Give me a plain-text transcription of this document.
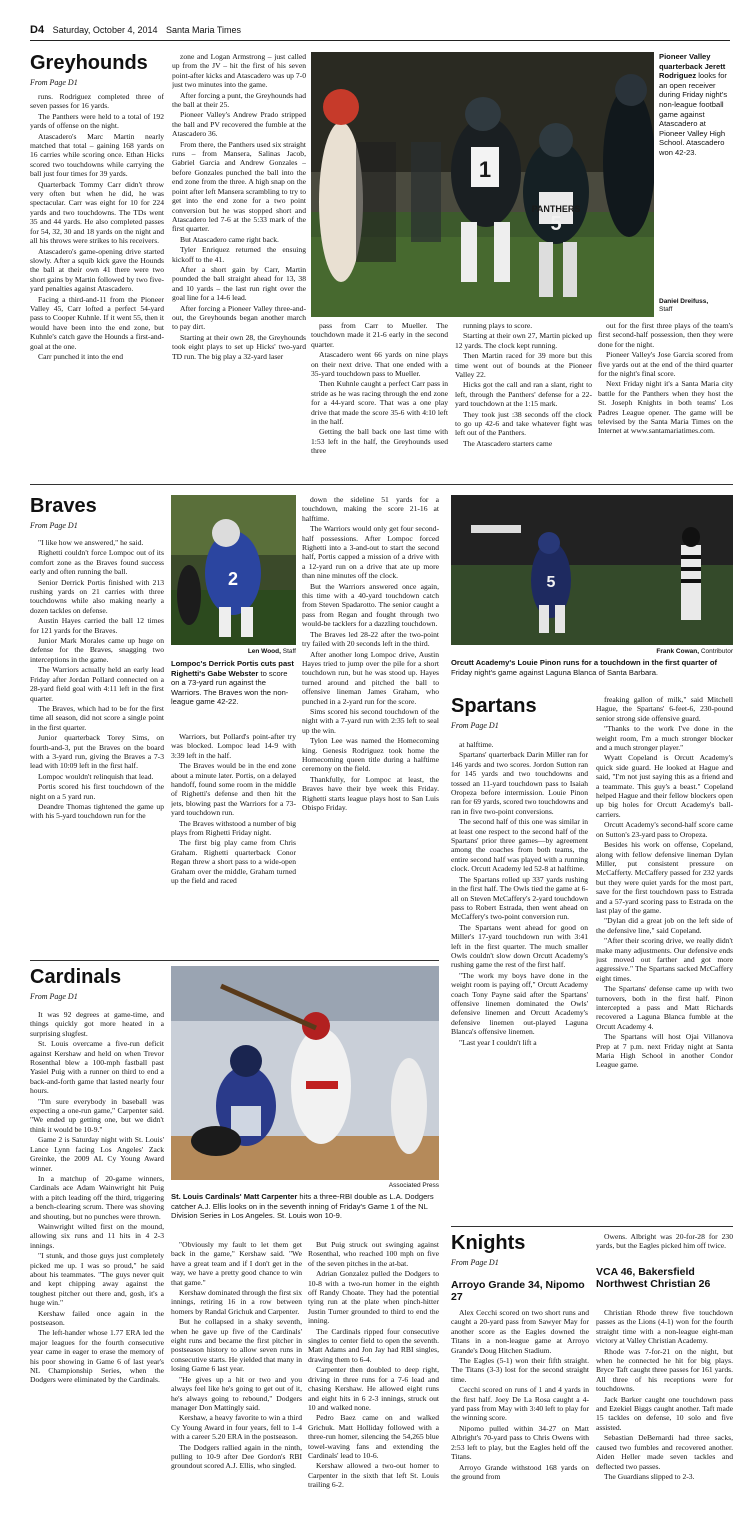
D4 Saturday, October 4, 2014 Santa Maria Times
Greyhounds
From Page D1

runs. Rodriguez completed three of seven passes for 16 yards.

The Panthers were held to a total of 192 yards of offense on the night.

Atascadero's Marc Martin nearly matched that total – gaining 168 yards on 16 carries while scoring once. Ethan Hicks scored two touchdowns while carrying the ball just four times for 39 yards.

Quarterback Tommy Carr didn't throw very often but when he did, he was spectacular. Carr was eight for 10 for 224 yards and two touchdowns. The TDs went 35 and 44 yards. He also completed passes for 54, 32, 30 and 18 yards on the night and all his throws were strikes to his receivers.

Atascadero's game-opening drive started slowly. After a squib kick gave the Hounds the ball at their own 41 there were two short gains by Martin followed by two five-yard penalties against Atascadero.

Facing a third-and-11 from the Pioneer Valley 45, Carr lofted a perfect 54-yard pass to Cooper Kuhnle. If it went 55, then it would have been into the end zone, but Kuhnle's catch gave the Hounds a first-and-goal at the one.

Carr punched it into the end

zone and Logan Armstrong – just called up from the JV – hit the first of his seven point-after kicks and Atascadero was up 7-0 just two minutes into the game.

After forcing a punt, the Greyhounds had the ball at their 25.

Pioneer Valley's Andrew Prado stripped the ball and PV recovered the fumble at the Atascadero 36.

From there, the Panthers used six straight runs – from Mansera, Salinas Jacob, Gabriel Garcia and Andrew Gonzales – before Gonzales punched the ball into the end zone from the three. A high snap on the point after left Mansera scrambling to try to get into the end zone for a two point conversion but he was stopped short and Atascadero led 7-6 at the 5:33 mark of the first quarter.

But Atascadero came right back.

Tyler Enriquez returned the ensuing kickoff to the 41.

After a short gain by Carr, Martin pounded the ball straight ahead for 13, 38 and 10 yards – the last run right over the goal line for a 14-6 lead.

After forcing a Pioneer Valley three-and-out, the Greyhounds began another march to pay dirt.

Starting at their own 28, the Greyhounds took eight plays to set up Hicks' two-yard TD run. The big play a 32-yard laser

1
PANTHERS
5
Pioneer Valley quarterback Jerett Rodriguez looks for an open receiver during Friday night's non-league football game against Atascadero at Pioneer Valley High School. Atascadero won 42-23.
Daniel Dreifuss,
Staff

pass from Carr to Mueller. The touchdown made it 21-6 early in the second quarter.

Atascadero went 66 yards on nine plays on their next drive. That one ended with a 35-yard touchdown pass to Mueller.

Then Kuhnle caught a perfect Carr pass in stride as he was racing through the end zone for a 44-yard score. That was a one play drive that made the score 35-6 with 4:10 left in the half.

Getting the ball back one last time with 1:53 left in the half, the Greyhounds used three

running plays to score.

Starting at their own 27, Martin picked up 12 yards. The clock kept running.

Then Martin raced for 39 more but this time went out of bounds at the Pioneer Valley 22.

Hicks got the call and ran a slant, right to left, through the Panthers' defense for a 22-yard touchdown at the 1:15 mark.

They took just :38 seconds off the clock to go up 42-6 and take whatever fight was left out of the Panthers.

The Atascadero starters came

out for the first three plays of the team's first second-half possession, then they were done for the night.

Pioneer Valley's Jose Garcia scored from five yards out at the end of the third quarter for the night's final score.

Next Friday night it's a Santa Maria city battle for the Panthers when they host the St. Joseph Knights in both teams' Los Padres League opener. The game will be televised by the Santa Maria Times on the Internet at www.santamariatimes.com.

Braves
From Page D1

"I like how we answered," he said.

Righetti couldn't force Lompoc out of its comfort zone as the Braves found success early and often running the ball.

Senior Derrick Portis finished with 213 rushing yards on 21 carries with three touchdowns while also making nearly a dozen tackles on defense.

Austin Hayes carried the ball 12 times for 121 yards for the Braves.

Junior Mark Morales came up huge on defense for the Braves, snagging two interceptions in the game.

The Warriors actually held an early lead Friday after Jordan Pollard connected on a 28-yard field goal with 4:11 left in the first quarter.

The Braves, which had to be for the first time all season, did not score a single point in the first quarter.

Junior quarterback Torey Sims, on fourth-and-3, put the Braves on the board with a 3-yard run, giving the Braves a 7-3 lead with 10:09 left in the first half.

Lompoc wouldn't relinquish that lead.

Portis scored his first touchdown of the night on a 5 yard run.

Deandre Thomas tightened the game up with his 5-yard touchdown run for the

2
Len Wood, Staff
Lompoc's Derrick Portis cuts past Righetti's Gabe Webster to score on a 73-yard run against the Warriors. The Braves won the non-league game 42-22.

Warriors, but Pollard's point-after try was blocked. Lompoc lead 14-9 with 3:39 left in the half.

The Braves would be in the end zone about a minute later. Portis, on a delayed handoff, found some room in the middle of Righetti's defense and then hit the jets, blowing past the Warriors for a 73-yard touchdown run.

The Braves withstood a number of big plays from Righetti Friday night.

The first big play came from Chris Graham. Righetti quarterback Conor Regan threw a short pass to a wide-open Graham over the middle, Graham turned up the field and raced

down the sideline 51 yards for a touchdown, making the score 21-16 at halftime.

The Warriors would only get four second-half possessions. After Lompoc forced Righetti into a 3-and-out to start the second half, Portis capped a mission of a drive with a 12-yard run on a drive that ate up more than nine minutes off the clock.

But the Warriors answered once again, this time with a 40-yard touchdown catch from Steven Spadarotto. The senior caught a pass from Regan and fought through two would-be tacklers for a dazzling touchdown.

The Braves led 28-22 after the two-point try failed with 20 seconds left in the third.

After another long Lompoc drive, Austin Hayes tried to jump over the pile for a short touchdown run, but he was stood up. Hayes turned around and pitched the ball to offensive lineman James Graham, who punched in a 2-yard run for the score.

Sims scored his second touchdown of the night with a 7-yard run with 2:35 left to seal up the win.

Tylon Lee was named the Homecoming king. Genesis Rodriguez took home the Homecoming queen title during a halftime ceremony on the field.

Thankfully, for Lompoc at least, the Braves have their bye week this Friday. Righetti starts league plays host to San Luis Obispo Friday.

5
Frank Cowan, Contributor
Orcutt Academy's Louie Pinon runs for a touchdown in the first quarter of Friday night's game against Laguna Blanca of Santa Barbara.
Spartans
From Page D1

at halftime.

Spartans' quarterback Darin Miller ran for 146 yards and two scores. Jordon Sutton ran for 145 yards and two touchdowns and tossed an 11-yard touchdown pass to Isaiah Oropeza before intermission. Louie Pinon ran for 69 yards, scored two touchdowns and ran in five two-point conversions.

The second half of this one was similar in at least one respect to the second half of the Spartans' prior three games—by agreement among the coaches from both teams, the entire second half was played with a running clock. Orcutt Academy led 52-8 at halftime.

The Spartans rolled up 337 yards rushing in the first half. The Owls tied the game at 6-all on Steven McCaffery's 2-yard touchdown pass to Robert Estrada, then went ahead on McCaffery's two-point conversion run.

The Spartans went ahead for good on Miller's 17-yard touchdown run with 3:41 left in the first quarter. The much smaller Owls couldn't slow down Orcutt Academy's rushing game the rest of the first half.

"The work my boys have done in the weight room is paying off," Orcutt Academy coach Tony Payne said after the Spartans' offensive linemen dominated the Owls' defensive linemen and Orcutt Academy's defensive linemen out-played Laguna Blanca's offensive linemen.

"Last year I couldn't lift a

freaking gallon of milk," said Mitchell Hague, the Spartans' 6-feet-6, 230-pound senior strong side offensive guard.

"Thanks to the work I've done in the weight room, I'm a much stronger blocker and a much stronger player."

Wyatt Copeland is Orcutt Academy's quick side guard. He looked at Hague and said, "I'm not just saying this as a friend and a teammate. This guy's a beast." Copeland helped Hague and their fellow blockers open up big holes for Orcutt Academy's ball-carriers.

Orcutt Academy's second-half score came on Sutton's 23-yard pass to Oropeza.

Besides his work on offense, Copeland, along with fellow defensive lineman Dylan Miller, put consistent pressure on McCafferty. McCaffery passed for 232 yards but they were quiet yards for the most part, save for the first touchdown pass to Estrada and a 57-yard scoring pass to Estrada on the last play of the game.

"Dylan did a great job on the left side of the defensive line," said Copeland.

"After their scoring drive, we really didn't make many adjustments. Our defensive ends just moved out farther and got more aggressive." The Spartans sacked McCaffery eight times.

The Spartans' defense came up with two turnovers, both in the first half. Pinon intercepted a pass and Matt Richards recovered a Laguna Blanca fumble at the Orcutt Academy 4.

The Spartans will host Ojai Villanova Prep at 7 p.m. next Friday night at Santa Maria High School in another Condor League game.

Cardinals
From Page D1

It was 92 degrees at game-time, and things quickly got more heated in a surprising slugfest.

St. Louis overcame a five-run deficit against Kershaw and held on when Trevor Rosenthal blew a 100-mph fastball past Yasiel Puig with a runner on third to end a back-and-forth game that lasted nearly four hours.

"I'm sure everybody in baseball was expecting a one-run game," Carpenter said. "We ended up getting one, but we didn't think it would be 10-9."

Game 2 is Saturday night with St. Louis' Lance Lynn facing Los Angeles' Zack Greinke, the 2009 AL Cy Young Award winner.

In a matchup of 20-game winners, Cardinals ace Adam Wainwright hit Puig with a pitch leading off the third, triggering a bench-clearing scrum. There was shoving and shouting, but no punches were thrown.

Wainwright wilted first on the mound, allowing six runs and 11 hits in 4 2-3 innings.

"I stunk, and those guys just completely picked me up. I was so proud," he said about his teammates. "The guys never quit and kept chipping away against the toughest pitcher out there and, gosh, it's a huge win."

Kershaw failed once again in the postseason.

The left-hander whose 1.77 ERA led the major leagues for the fourth consecutive year came in eager to erase the memory of his poor showing in Game 6 of last year's NL Championship Series, when the Dodgers were eliminated by the Cardinals.

Associated Press
St. Louis Cardinals' Matt Carpenter hits a three-RBI double as L.A. Dodgers catcher A.J. Ellis looks on in the seventh inning of Friday's Game 1 of the NL Division Series in Los Angeles. St. Louis won 10-9.

"Obviously my fault to let them get back in the game," Kershaw said. "We have a great team and if I don't get in the way, we have a pretty good chance to win that game."

Kershaw dominated through the first six innings, retiring 16 in a row between homers by Randal Grichuk and Carpenter.

But he collapsed in a shaky seventh, when he gave up five of the Cardinals' eight runs and became the first pitcher in postseason history to allow seven runs in consecutive starts. He yielded that many in losing Game 6 last year.

"He gives up a hit or two and you always feel like he's going to get out of it, he's always going to rebound," Dodgers manager Don Mattingly said.

Kershaw, a heavy favorite to win a third Cy Young Award in four years, fell to 1-4 with a career 5.20 ERA in the postseason.

The Dodgers rallied again in the ninth, pulling to 10-9 after Dee Gordon's RBI groundout scored A.J. Ellis, who singled.

But Puig struck out swinging against Rosenthal, who reached 100 mph on five of the seven pitches in the at-bat.

Adrian Gonzalez pulled the Dodgers to 10-8 with a two-run homer in the eighth off Randy Choate. They had the potential tying run at the plate when pinch-hitter Justin Turner grounded to third to end the inning.

The Cardinals ripped four consecutive singles to center field to open the seventh. Matt Adams and Jon Jay had RBI singles, drawing them to 6-4.

Carpenter then doubled to deep right, driving in three runs for a 7-6 lead and chasing Kershaw. He allowed eight runs and eight hits in 6 2-3 innings, struck out 10 and walked none.

Pedro Baez came on and walked Grichuk. Matt Holliday followed with a three-run homer, silencing the 54,265 blue towel-waving fans and extending the Cardinals' lead to 10-6.

Kershaw allowed a two-out homer to Carpenter in the sixth that left St. Louis trailing 6-2.

Knights
From Page D1
Arroyo Grande 34, Nipomo 27

Alex Cecchi scored on two short runs and caught a 20-yard pass from Sawyer May for another score as the Eagles downed the Titans in a non-league game at Arroyo Grande's Doug Hitchen Stadium.

The Eagles (5-1) won their fifth straight. The Titans (3-3) lost for the second straight time.

Cecchi scored on runs of 1 and 4 yards in the first half. Joey De La Rosa caught a 4-yard pass from May with 3:40 left to play for the winning score.

Nipomo pulled within 34-27 on Matt Albright's 70-yard pass to Chris Owens with 2:53 left to play, but the Eagles held off the Titans.

Arroyo Grande withstood 168 yards on the ground from

Owens. Albright was 20-for-28 for 230 yards, but the Eagles picked him off twice.

VCA 46, Bakersfield Northwest Christian 26

Christian Rhode threw five touchdown passes as the Lions (4-1) won for the fourth straight time with a non-league eight-man victory at Valley Christian Academy.

Rhode was 7-for-21 on the night, but when he connected he hit for big plays. Bryce Taft caught three passes for 161 yards. All three of his receptions were for touchdowns.

Jack Barker caught one touchdown pass and Ezekiel Biggs caught another. Taft made 15 tackles on defense, 10 solo and five assisted.

Sebastian DeBernardi had three sacks, caused two fumbles and recovered another. Aiden Heller made seven tackles and deflected two passes.

The Guardians slipped to 2-3.
